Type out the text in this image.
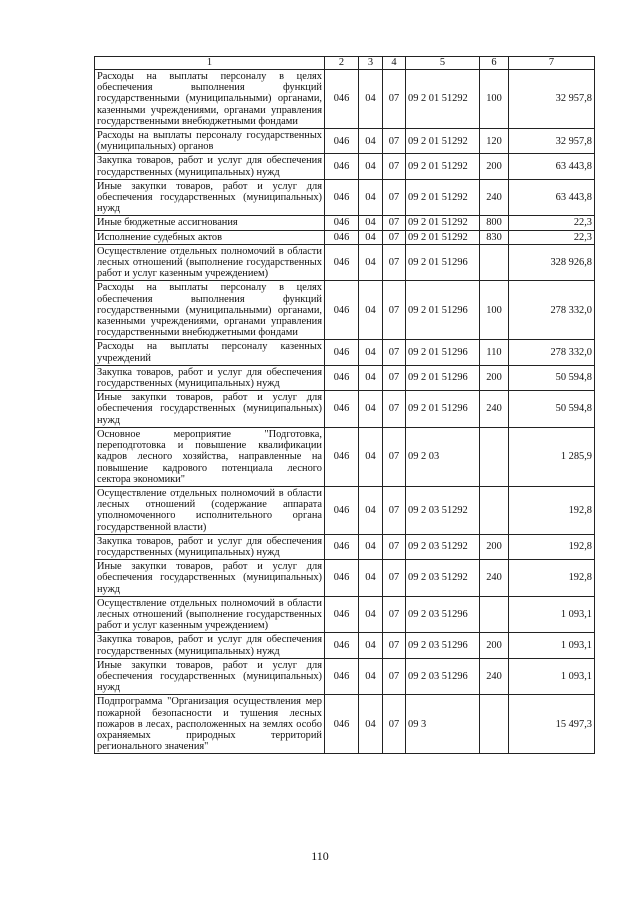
1	2	3	4	5	6	7
Расходы на выплаты персоналу в целях обеспечения выполнения функций государственными (муниципальными) органами, казенными учреждениями, органами управления государственными внебюджетными фондами	046	04	07	09 2 01 51292	100	32 957,8
Расходы на выплаты персоналу государственных (муниципальных) органов	046	04	07	09 2 01 51292	120	32 957,8
Закупка товаров, работ и услуг для обеспечения государственных (муниципальных) нужд	046	04	07	09 2 01 51292	200	63 443,8
Иные закупки товаров, работ и услуг для обеспечения государственных (муниципальных) нужд	046	04	07	09 2 01 51292	240	63 443,8
Иные бюджетные ассигнования	046	04	07	09 2 01 51292	800	22,3
Исполнение судебных актов	046	04	07	09 2 01 51292	830	22,3
Осуществление отдельных полномочий в области лесных отношений (выполнение государственных работ и услуг казенным учреждением)	046	04	07	09 2 01 51296		328 926,8
Расходы на выплаты персоналу в целях обеспечения выполнения функций государственными (муниципальными) органами, казенными учреждениями, органами управления государственными внебюджетными фондами	046	04	07	09 2 01 51296	100	278 332,0
Расходы на выплаты персоналу казенных учреждений	046	04	07	09 2 01 51296	110	278 332,0
Закупка товаров, работ и услуг для обеспечения государственных (муниципальных) нужд	046	04	07	09 2 01 51296	200	50 594,8
Иные закупки товаров, работ и услуг для обеспечения государственных (муниципальных) нужд	046	04	07	09 2 01 51296	240	50 594,8
Основное мероприятие "Подготовка, переподготовка и повышение квалификации кадров лесного хозяйства, направленные на повышение кадрового потенциала лесного сектора экономики"	046	04	07	09 2 03		1 285,9
Осуществление отдельных полномочий в области лесных отношений (содержание аппарата уполномоченного исполнительного органа государственной власти)	046	04	07	09 2 03 51292		192,8
Закупка товаров, работ и услуг для обеспечения государственных (муниципальных) нужд	046	04	07	09 2 03 51292	200	192,8
Иные закупки товаров, работ и услуг для обеспечения государственных (муниципальных) нужд	046	04	07	09 2 03 51292	240	192,8
Осуществление отдельных полномочий в области лесных отношений (выполнение государственных работ и услуг казенным учреждением)	046	04	07	09 2 03 51296		1 093,1
Закупка товаров, работ и услуг для обеспечения государственных (муниципальных) нужд	046	04	07	09 2 03 51296	200	1 093,1
Иные закупки товаров, работ и услуг для обеспечения государственных (муниципальных) нужд	046	04	07	09 2 03 51296	240	1 093,1
Подпрограмма "Организация осуществления мер пожарной безопасности и тушения лесных пожаров в лесах, расположенных на землях особо охраняемых природных территорий регионального значения"	046	04	07	09 3		15 497,3
110
